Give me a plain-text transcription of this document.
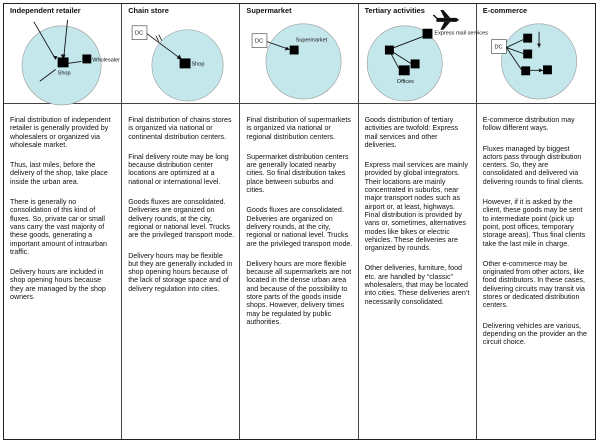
Independent retailer
Shop
Wholesaler
Chain store
DC
Shop
Supermarket
DC	Supermarket
Tertiary activities
Express mail services
Offices
E-commerce
DC

Final distribution of independent retailer is generally provided by wholesalers or organized via wholesale market.

Thus, last miles, before the delivery of the shop, take place inside the urban area.

There is generally no consolidation of this kind of fluxes. So, private car or small vans carry the vast majority of these goods, generating a important amount of intraurban traffic.

Delivery hours are included in shop opening hours because they are managed by the shop owners.

Final distribution of chains stores is organized via national or continental distribution centers.

Final delivery route may be long because distribution center locations are optimized at a national or international level.

Goods fluxes are consolidated. Deliveries are organized on delivery rounds, at the city, regional or national level. Trucks are the privileged transport mode.

Delivery hours may be flexible but they are generally included in shop opening hours because of the lack of storage space and of delivery regulation into cities.

Final distribution of supermarkets is organized via national or regional distribution centers.

Supermarket distribution centers are generally located nearby cities. So final distribution takes place between suburbs and cities.

Goods fluxes are consolidated. Deliveries are organized on delivery rounds, at the city, regional or national level. Trucks are the privileged transport mode.

Delivery hours are more flexible because all supermarkets are not located in the dense urban area and because of the possibility to store parts of the goods inside shops. However, delivery times may be regulated by public authorities.

Goods distribution of tertiary activities are twofold: Express mail services and other deliveries.

Express mail services are mainly provided by global integrators. Their locations are mainly concentrated in suburbs, near major transport nodes such as airport or, at least, highways. Final distribution is provided by vans or, sometimes, alternatives modes like bikes or electric vehicles. These deliveries are organized by rounds.

Other deliveries, furniture, food etc. are handled by “classic” wholesalers, that may be located into cities. These deliveries aren’t necessarily consolidated.

E-commerce distribution may follow different ways.

Fluxes managed by biggest actors pass through distribution centers. So, they are consolidated and delivered via delivering rounds to final clients.

However, if it is asked by the client, these goods may be sent to intermediate point (pick up point, post offices, temporary storage areas). Thus final clients take the last mile in charge.

Other e-commerce may be originated from other actors, like food distributors. In these cases, delivering circuits may transit via stores or dedicated distribution centers.

Delivering vehicles are various, depending on the provider an the circuit choice.
